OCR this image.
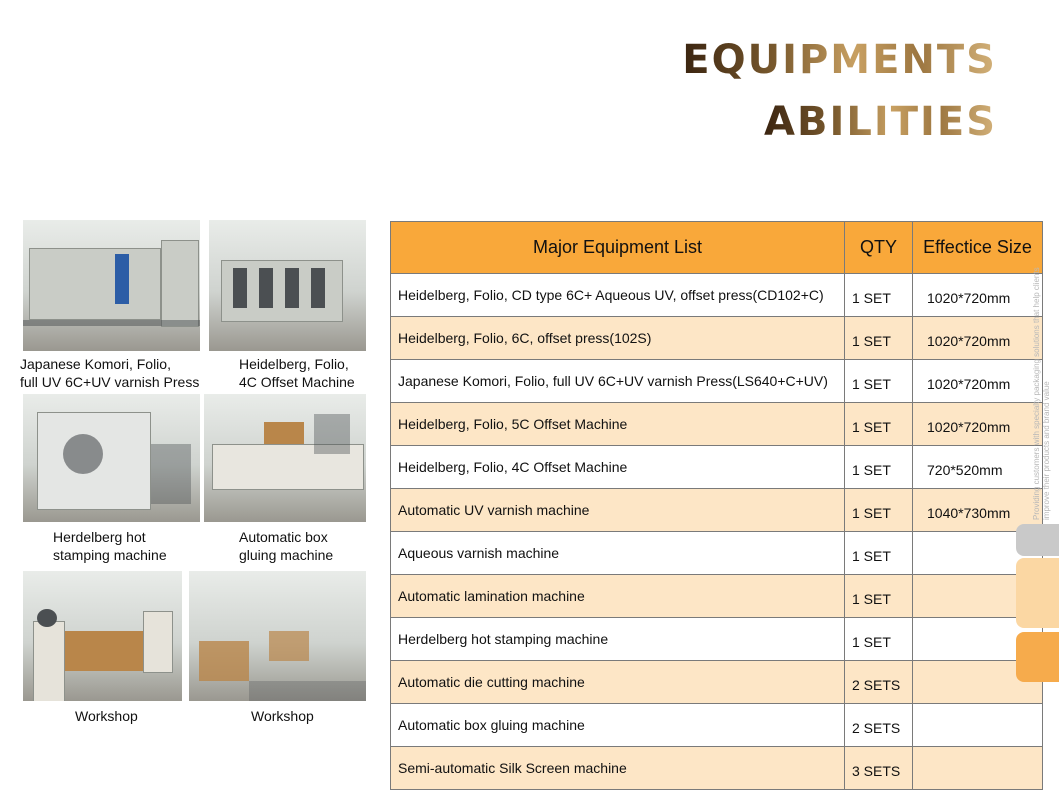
EQUIPMENTS
ABILITIES
Japanese Komori, Folio,
full UV 6C+UV varnish Press
Heidelberg, Folio,
4C Offset Machine
Herdelberg hot
stamping machine
Automatic box
gluing machine
Workshop	Workshop
Major Equipment List	QTY	Effectice Size
Heidelberg, Folio, CD type 6C+ Aqueous UV, offset press(CD102+C)	1 SET	1020*720mm
Heidelberg, Folio, 6C, offset press(102S)	1 SET	1020*720mm
Japanese Komori, Folio, full UV 6C+UV varnish Press(LS640+C+UV)	1 SET	1020*720mm
Heidelberg, Folio, 5C Offset Machine	1 SET	1020*720mm
Heidelberg, Folio, 4C Offset Machine	1 SET	720*520mm
Automatic UV varnish machine	1 SET	1040*730mm
Aqueous varnish machine	1 SET	
Automatic lamination machine	1 SET	
Herdelberg hot stamping machine	1 SET	
Automatic die cutting machine	2 SETS	
Automatic box gluing machine	2 SETS	
Semi-automatic Silk Screen machine	3 SETS	
Providing customers with specialty packaging solutions that help clients improve their products and brand value
